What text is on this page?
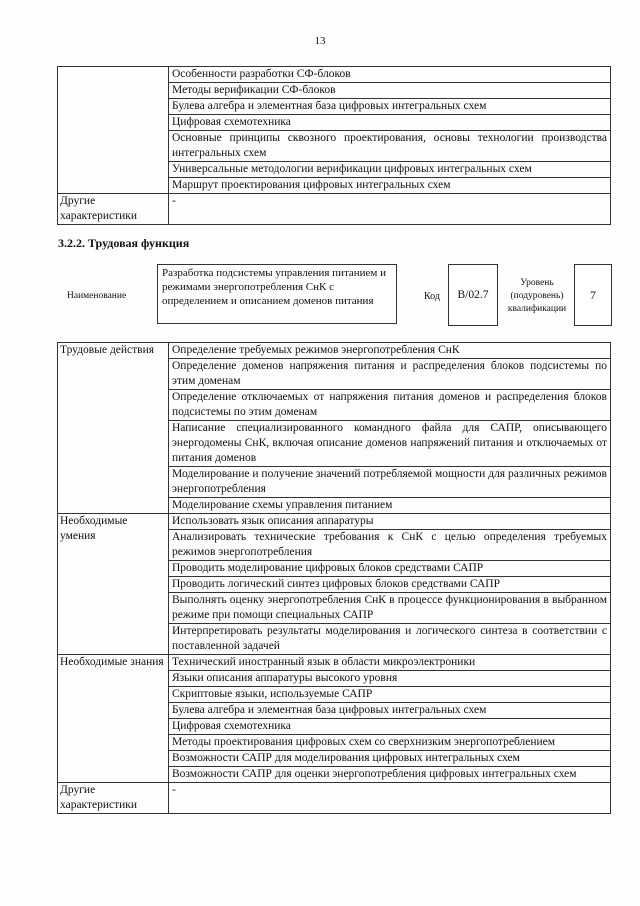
13
	Особенности разработки СФ-блоков
	Методы верификации СФ-блоков
	Булева алгебра и элементная база цифровых интегральных схем
	Цифровая схемотехника
	Основные принципы сквозного проектирования, основы технологии производства интегральных схем
	Универсальные методологии верификации цифровых интегральных схем
	Маршрут проектирования цифровых интегральных схем
Другие характеристики	-
3.2.2. Трудовая функция
Наименование
Разработка подсистемы управления питанием и режимами энергопотребления СнК с определением и описанием доменов питания	Код	B/02.7
Уровень (подуровень) квалификации
7
Трудовые действия	Определение требуемых режимов энергопотребления СнК
	Определение доменов напряжения питания и распределения блоков подсистемы по этим доменам
	Определение отключаемых от напряжения питания доменов и распределения блоков подсистемы по этим доменам
	Написание специализированного командного файла для САПР, описывающего энергодомены СнК, включая описание доменов напряжений питания и отключаемых от питания доменов
	Моделирование и получение значений потребляемой мощности для различных режимов энергопотребления
	Моделирование схемы управления питанием
Необходимые умения	Использовать язык описания аппаратуры
	Анализировать технические требования к СнК с целью определения требуемых режимов энергопотребления
	Проводить моделирование цифровых блоков средствами САПР
	Проводить логический синтез цифровых блоков средствами САПР
	Выполнять оценку энергопотребления СнК в процессе функционирования в выбранном режиме при помощи специальных САПР
	Интерпретировать результаты моделирования и логического синтеза в соответствии с поставленной задачей
Необходимые знания	Технический иностранный язык в области микроэлектроники
	Языки описания аппаратуры высокого уровня
	Скриптовые языки, используемые САПР
	Булева алгебра и элементная база цифровых интегральных схем
	Цифровая схемотехника
	Методы проектирования цифровых схем со сверхнизким энергопотреблением
	Возможности САПР для моделирования цифровых интегральных схем
	Возможности САПР для оценки энергопотребления цифровых интегральных схем
Другие характеристики	-
